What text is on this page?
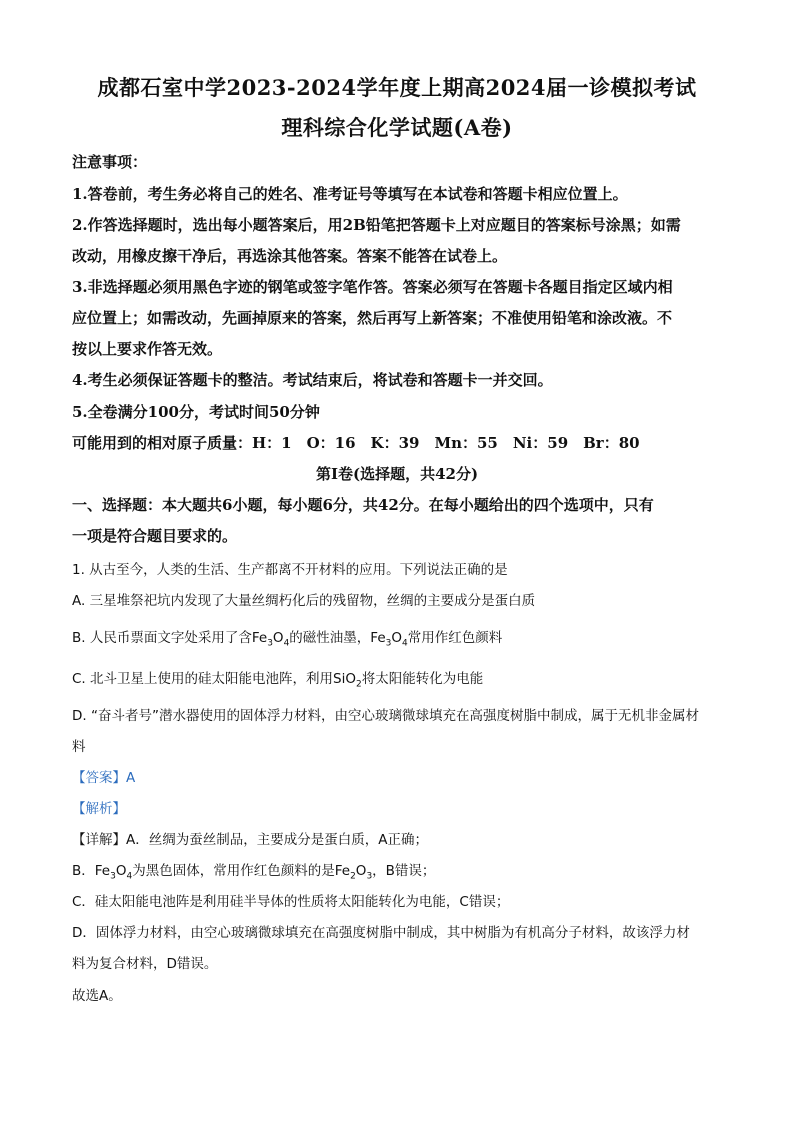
成都石室中学2023-2024学年度上期高2024届一诊模拟考试
理科综合化学试题(A卷)
注意事项：
1.答卷前，考生务必将自己的姓名、准考证号等填写在本试卷和答题卡相应位置上。
2.作答选择题时，选出每小题答案后，用2B铅笔把答题卡上对应题目的答案标号涂黑；如需
改动，用橡皮擦干净后，再选涂其他答案。答案不能答在试卷上。
3.非选择题必须用黑色字迹的钢笔或签字笔作答。答案必须写在答题卡各题目指定区域内相
应位置上；如需改动，先画掉原来的答案，然后再写上新答案；不准使用铅笔和涂改液。不
按以上要求作答无效。
4.考生必须保证答题卡的整洁。考试结束后，将试卷和答题卡一并交回。
5.全卷满分100分，考试时间50分钟
可能用到的相对原子质量：H：1　O：16　K：39　Mn：55　Ni：59　Br：80
第Ⅰ卷(选择题，共42分)
一、选择题：本大题共6小题，每小题6分，共42分。在每小题给出的四个选项中，只有
一项是符合题目要求的。
1. 从古至今，人类的生活、生产都离不开材料的应用。下列说法正确的是
A. 三星堆祭祀坑内发现了大量丝绸朽化后的残留物，丝绸的主要成分是蛋白质
B. 人民币票面文字处采用了含$Fe_3O_4$的磁性油墨，$Fe_3O_4$常用作红色颜料
C. 北斗卫星上使用的硅太阳能电池阵，利用SiO$_2$将太阳能转化为电能
D. “奋斗者号”潜水器使用的固体浮力材料，由空心玻璃微球填充在高强度树脂中制成，属于无机非金属材
料
【答案】A
【解析】
【详解】A．丝绸为蚕丝制品，主要成分是蛋白质，A正确；
B．$Fe_3O_4$为黑色固体，常用作红色颜料的是$Fe_2O_3$，B错误；
C．硅太阳能电池阵是利用硅半导体的性质将太阳能转化为电能，C错误；
D．固体浮力材料，由空心玻璃微球填充在高强度树脂中制成，其中树脂为有机高分子材料，故该浮力材
料为复合材料，D错误。
故选A。
